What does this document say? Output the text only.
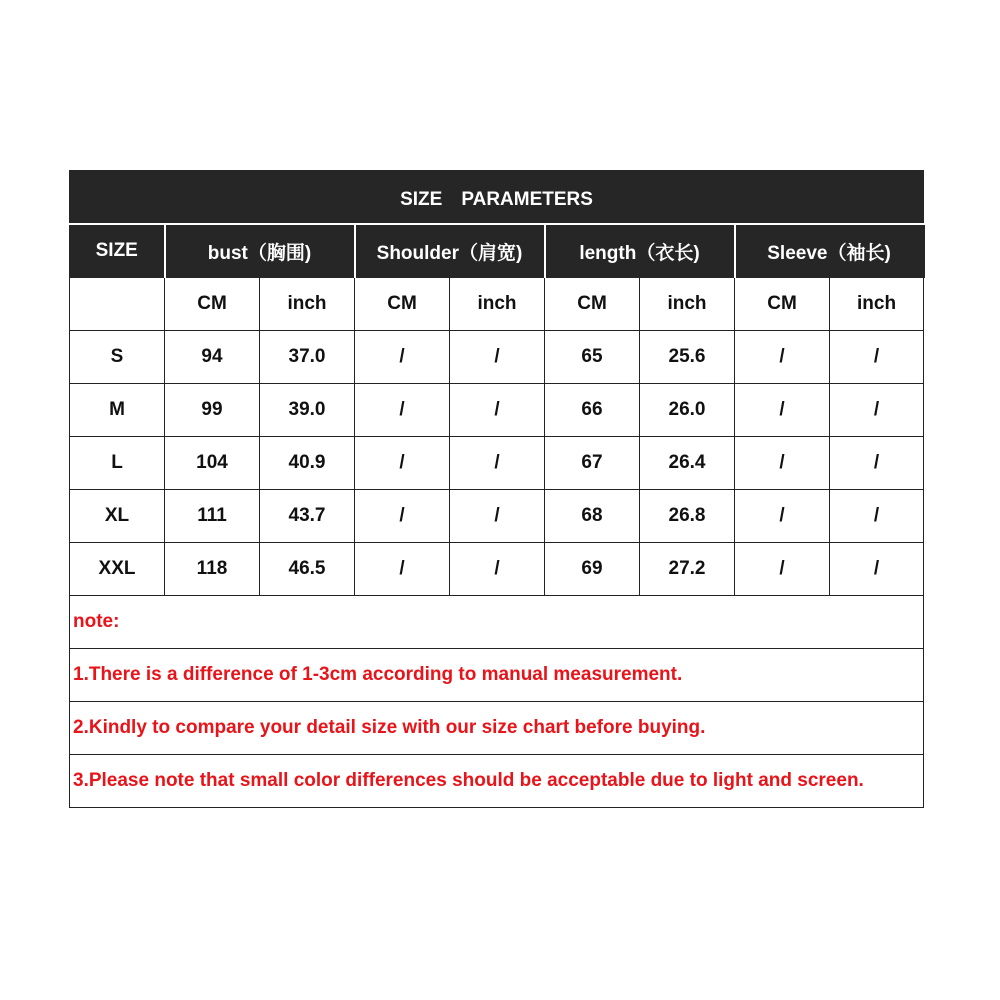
SIZE　PARAMETERS								
SIZE	bust（胸围)		Shoulder（肩宽)		length（衣长)		Sleeve（袖长)	
	CM	inch	CM	inch	CM	inch	CM	inch
S	94	37.0	/	/	65	25.6	/	/
M	99	39.0	/	/	66	26.0	/	/
L	104	40.9	/	/	67	26.4	/	/
XL	111	43.7	/	/	68	26.8	/	/
XXL	118	46.5	/	/	69	27.2	/	/
note:								
1.There is a difference of 1-3cm according to manual measurement.								
2.Kindly to compare your detail size with our size chart before buying.								
3.Please note that small color differences should be acceptable due to light and screen.								
